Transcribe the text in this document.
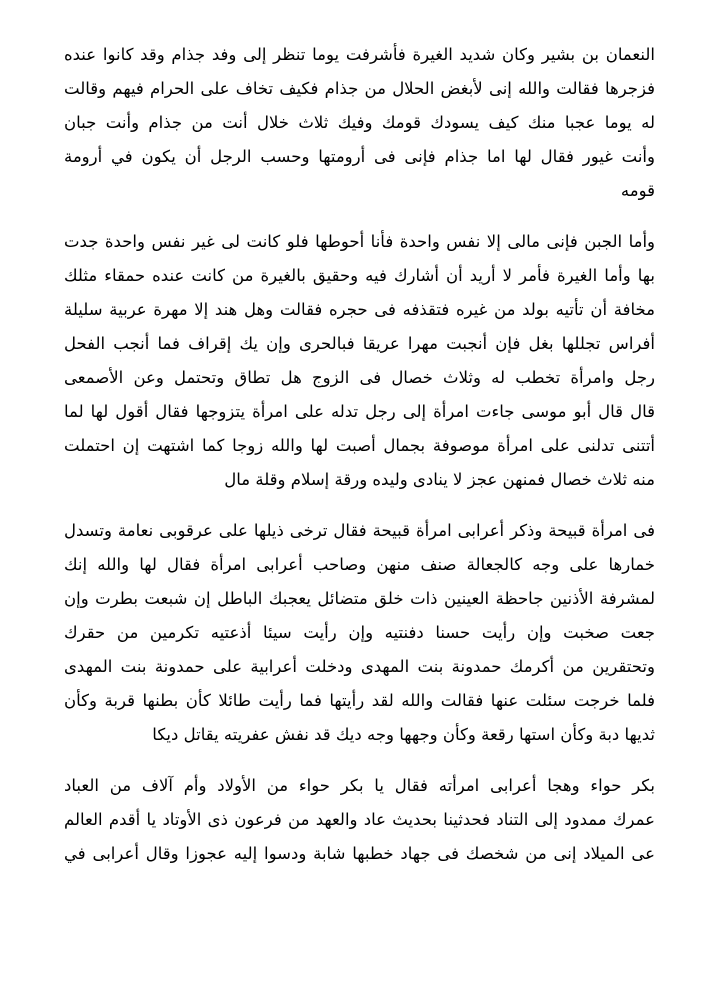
النعمان بن بشير وكان شديد الغيرة فأشرفت يوما تنظر إلى وفد جذام وقد كانوا عنده
فزجرها فقالت والله إنى لأبغض الحلال من جذام فكيف تخاف على الحرام فيهم وقالت
له يوما عجبا منك كيف يسودك قومك وفيك ثلاث خلال أنت من جذام وأنت جبان
وأنت غيور فقال لها اما جذام فإنى فى أرومتها وحسب الرجل أن يكون في أرومة
قومه
وأما الجبن فإنى مالى إلا نفس واحدة فأنا أحوطها فلو كانت لى غير نفس واحدة جدت
بها وأما الغيرة فأمر لا أريد أن أشارك فيه وحقيق بالغيرة من كانت عنده حمقاء مثلك
مخافة أن تأتيه بولد من غيره فتقذفه فى حجره فقالت وهل هند إلا مهرة عربية سليلة
أفراس تجللها بغل فإن أنجبت مهرا عريقا فبالحرى وإن يك إقراف فما أنجب الفحل
رجل وامرأة تخطب له وثلاث خصال فى الزوج هل تطاق وتحتمل وعن الأصمعى
قال قال أبو موسى جاءت امرأة إلى رجل تدله على امرأة يتزوجها فقال أقول لها لما
أتتنى تدلنى على امرأة موصوفة بجمال أصبت لها والله زوجا كما اشتهت إن احتملت
منه ثلاث خصال فمنهن عجز لا ينادى وليده ورقة إسلام وقلة مال
فى امرأة قبيحة وذكر أعرابى امرأة قبيحة فقال ترخى ذيلها على عرقوبى نعامة وتسدل
خمارها على وجه كالجعالة صنف منهن وصاحب أعرابى امرأة فقال لها والله إنك
لمشرفة الأذنين جاحظة العينين ذات خلق متضائل يعجبك الباطل إن شبعت بطرت وإن
جعت صخبت وإن رأيت حسنا دفنتيه وإن رأيت سيئا أذعتيه تكرمين من حقرك
وتحتقرين من أكرمك حمدونة بنت المهدى ودخلت أعرابية على حمدونة بنت المهدى
فلما خرجت سئلت عنها فقالت والله لقد رأيتها فما رأيت طائلا كأن بطنها قربة وكأن
ثديها دبة وكأن استها رقعة وكأن وجهها وجه ديك قد نفش عفريته يقاتل ديكا
بكر حواء وهجا أعرابى امرأته فقال يا بكر حواء من الأولاد وأم آلاف من العباد
عمرك ممدود إلى التناد فحدثينا بحديث عاد والعهد من فرعون ذى الأوتاد يا أقدم العالم
عى الميلاد إنى من شخصك فى جهاد خطبها شابة ودسوا إليه عجوزا وقال أعرابى في
